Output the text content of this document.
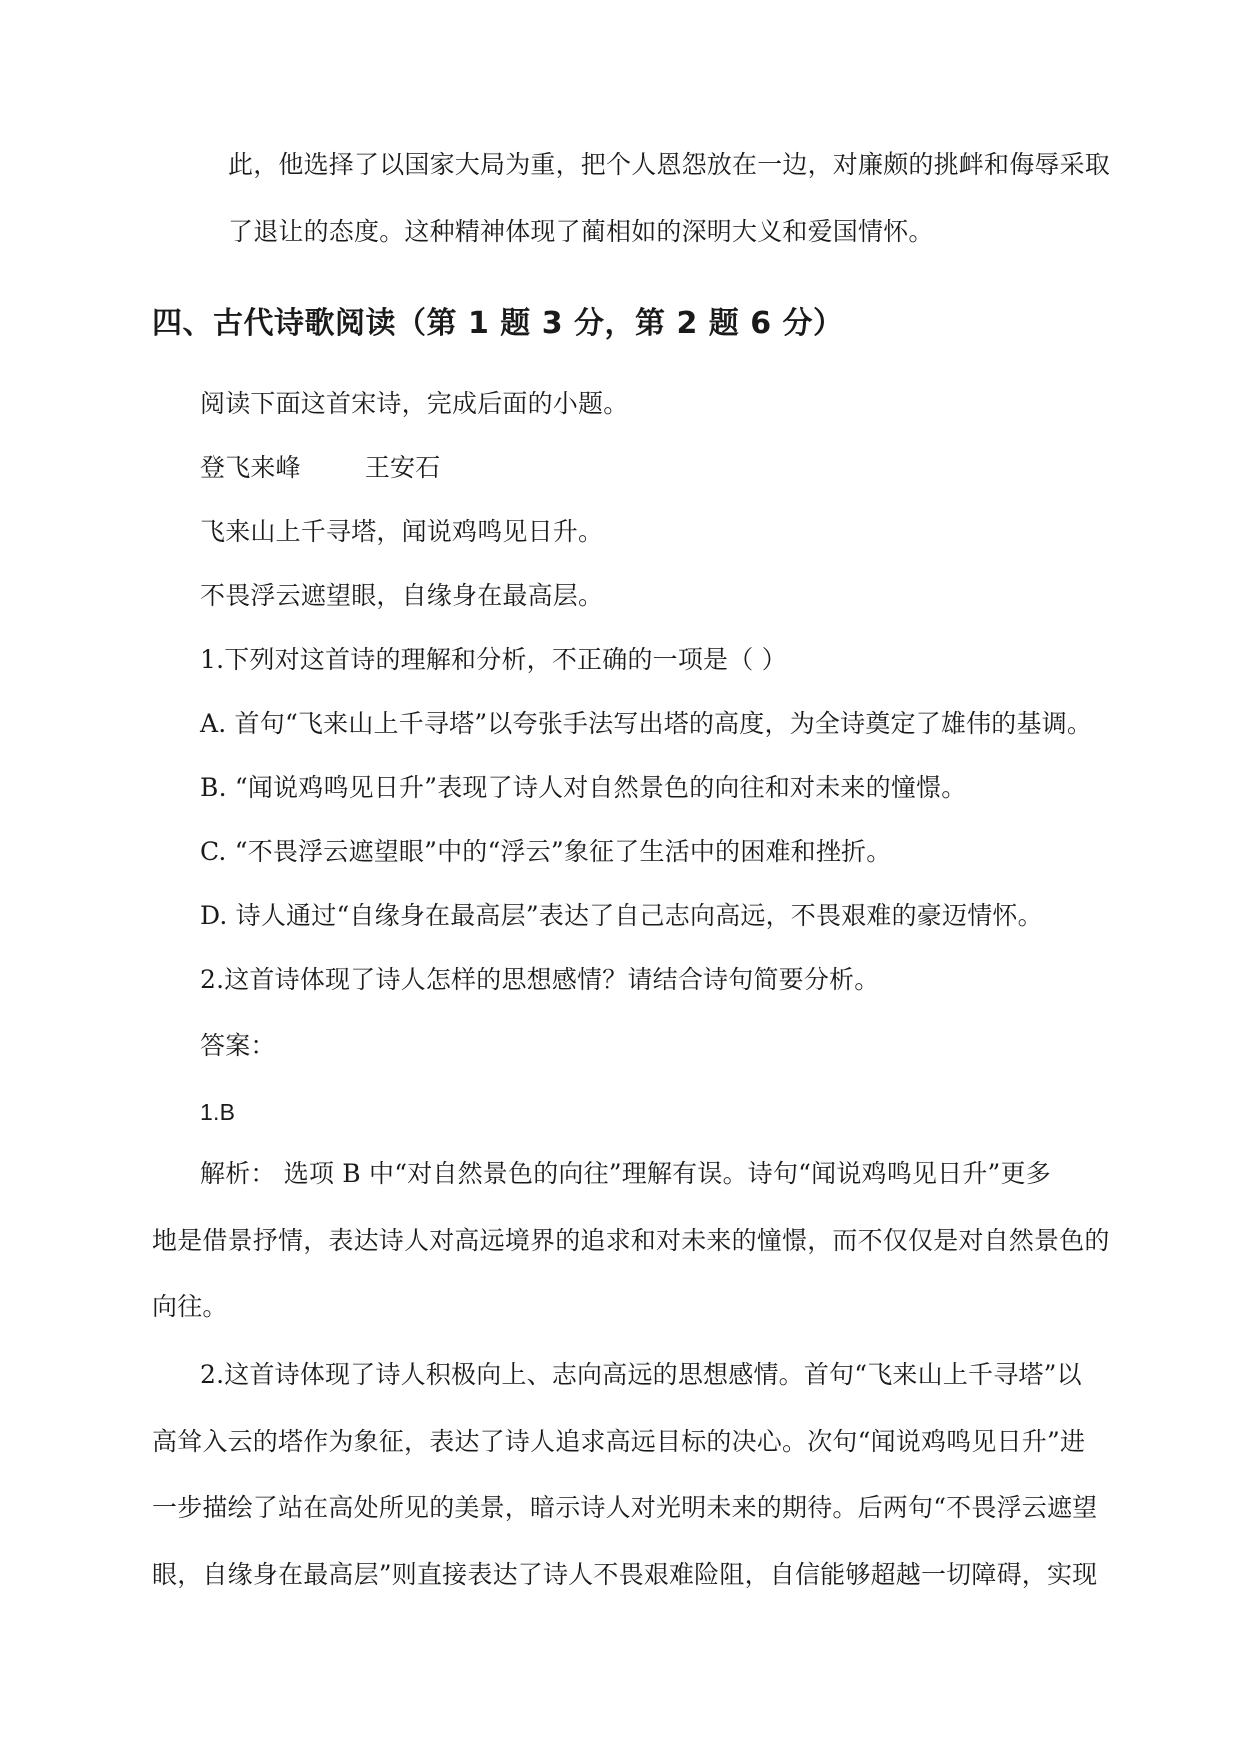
此，他选择了以国家大局为重，把个人恩怨放在一边，对廉颇的挑衅和侮辱采取
了退让的态度。这种精神体现了蔺相如的深明大义和爱国情怀。
四、古代诗歌阅读（第 1 题 3 分，第 2 题 6 分）
阅读下面这首宋诗，完成后面的小题。
登飞来峰	王安石
飞来山上千寻塔，闻说鸡鸣见日升。
不畏浮云遮望眼，自缘身在最高层。
1.下列对这首诗的理解和分析，不正确的一项是（ ）
A. 首句“飞来山上千寻塔”以夸张手法写出塔的高度，为全诗奠定了雄伟的基调。
B. “闻说鸡鸣见日升”表现了诗人对自然景色的向往和对未来的憧憬。
C. “不畏浮云遮望眼”中的“浮云”象征了生活中的困难和挫折。
D. 诗人通过“自缘身在最高层”表达了自己志向高远，不畏艰难的豪迈情怀。
2.这首诗体现了诗人怎样的思想感情？请结合诗句简要分析。
答案：
1.B
解析： 选项 B 中“对自然景色的向往”理解有误。诗句“闻说鸡鸣见日升”更多
地是借景抒情，表达诗人对高远境界的追求和对未来的憧憬，而不仅仅是对自然景色的
向往。
2.这首诗体现了诗人积极向上、志向高远的思想感情。首句“飞来山上千寻塔”以
高耸入云的塔作为象征，表达了诗人追求高远目标的决心。次句“闻说鸡鸣见日升”进
一步描绘了站在高处所见的美景，暗示诗人对光明未来的期待。后两句“不畏浮云遮望
眼，自缘身在最高层”则直接表达了诗人不畏艰难险阻，自信能够超越一切障碍，实现
